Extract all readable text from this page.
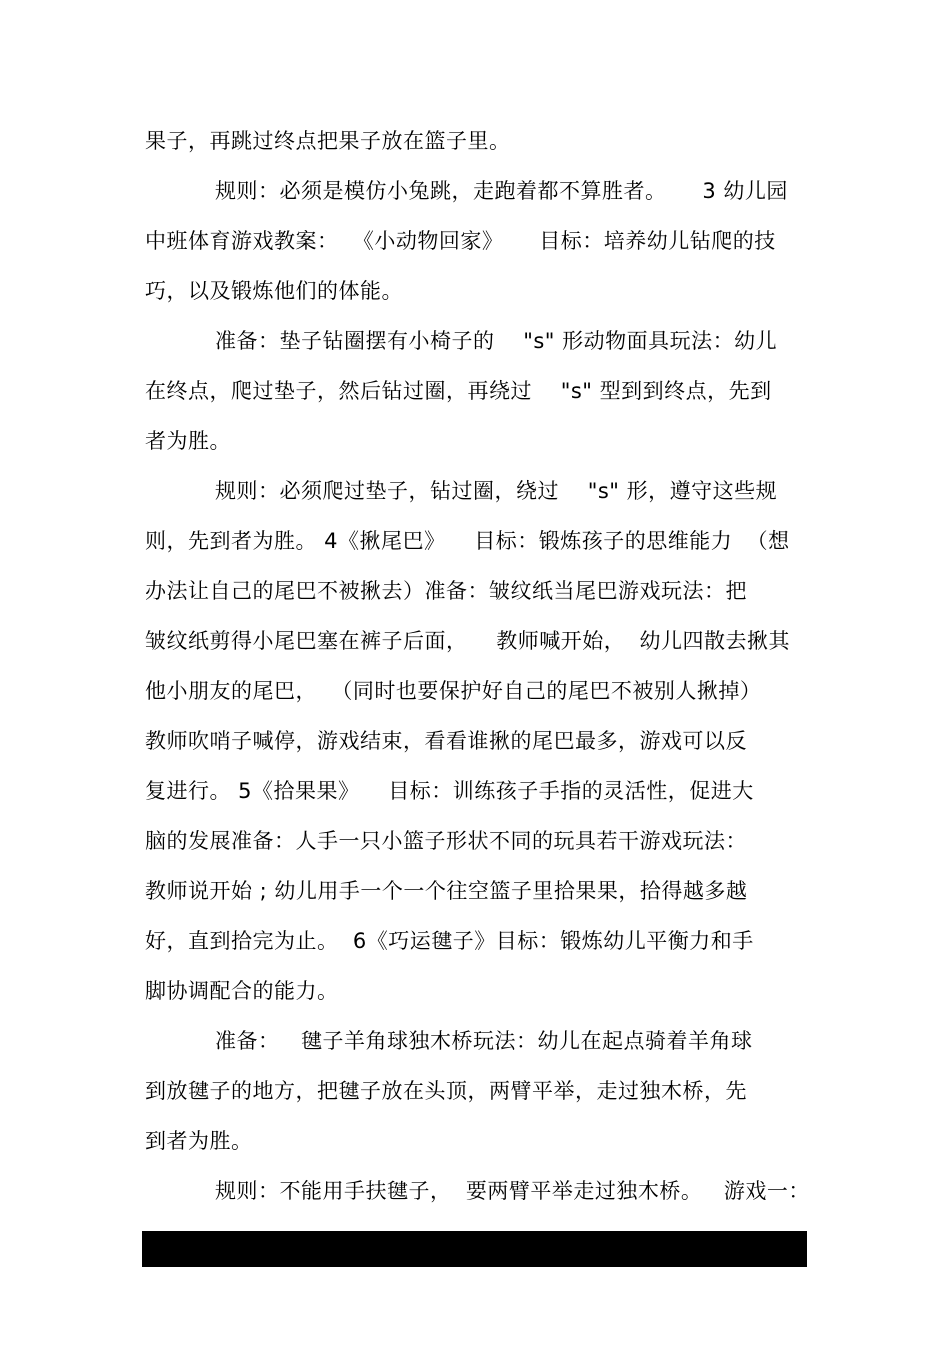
果子，再跳过终点把果子放在篮子里。
规则：必须是模仿小兔跳，走跑着都不算胜者。     3 幼儿园
中班体育游戏教案：  《小动物回家》     目标：培养幼儿钻爬的技
巧，以及锻炼他们的体能。
准备：垫子钻圈摆有小椅子的    "s" 形动物面具玩法：幼儿
在终点，爬过垫子，然后钻过圈，再绕过    "s" 型到到终点，先到
者为胜。
规则：必须爬过垫子，钻过圈，绕过    "s" 形，遵守这些规
则，先到者为胜。 4《揪尾巴》    目标：锻炼孩子的思维能力  （想
办法让自己的尾巴不被揪去）准备：皱纹纸当尾巴游戏玩法：把
皱纹纸剪得小尾巴塞在裤子后面，    教师喊开始，  幼儿四散去揪其
他小朋友的尾巴，  （同时也要保护好自己的尾巴不被别人揪掉）
教师吹哨子喊停，游戏结束，看看谁揪的尾巴最多，游戏可以反
复进行。 5《拾果果》    目标：训练孩子手指的灵活性，促进大
脑的发展准备：人手一只小篮子形状不同的玩具若干游戏玩法：
教师说开始 ; 幼儿用手一个一个往空篮子里拾果果，拾得越多越
好，直到拾完为止。  6《巧运毽子》目标：锻炼幼儿平衡力和手
脚协调配合的能力。
准备：   毽子羊角球独木桥玩法：幼儿在起点骑着羊角球
到放毽子的地方，把毽子放在头顶，两臂平举，走过独木桥，先
到者为胜。
规则：不能用手扶毽子，  要两臂平举走过独木桥。   游戏一：
